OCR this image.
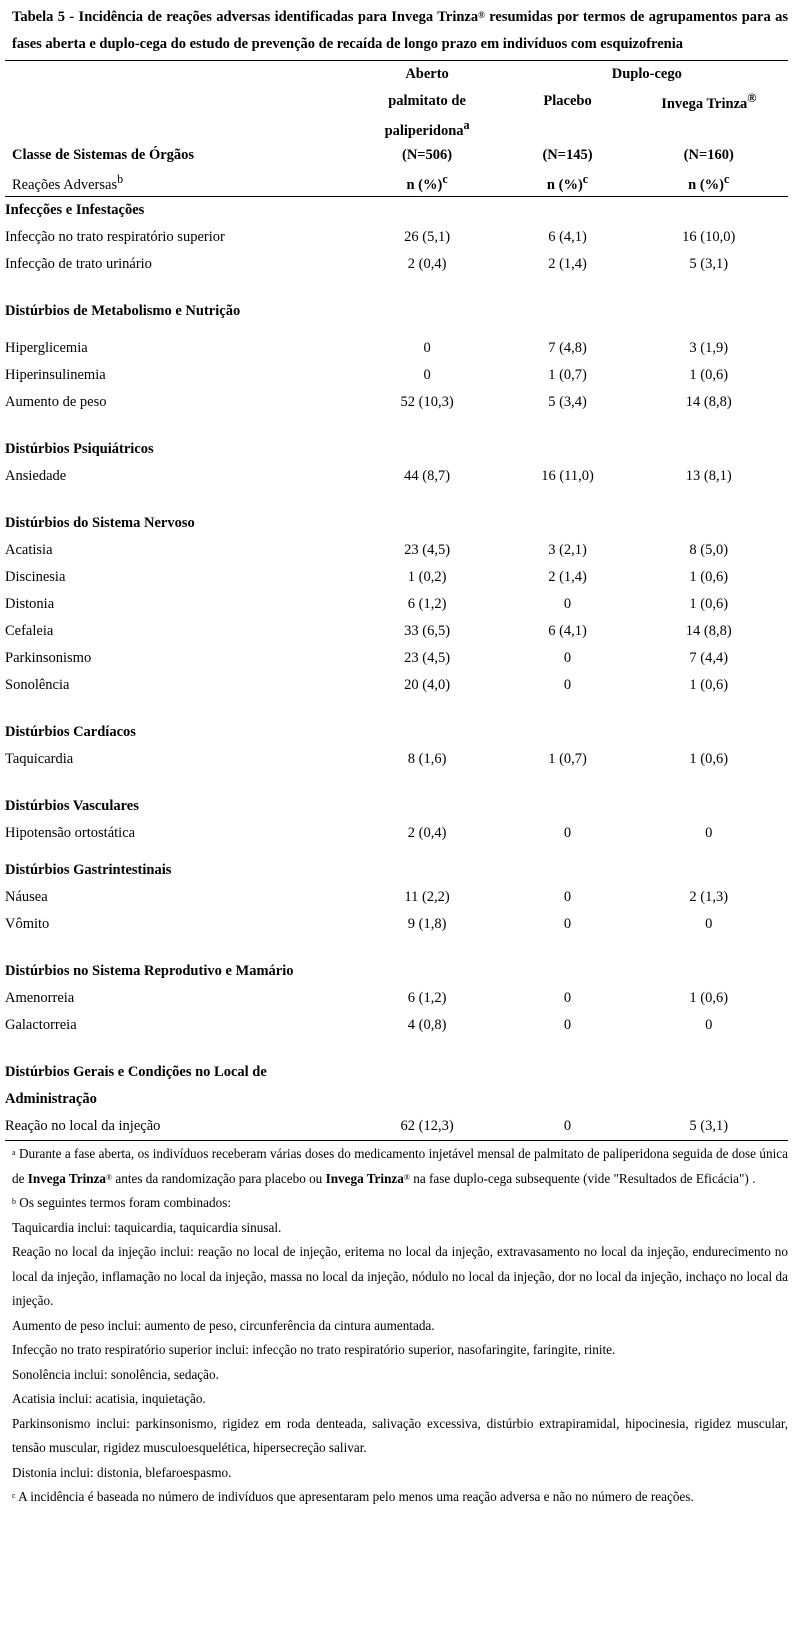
Tabela 5 - Incidência de reações adversas identificadas para Invega Trinza® resumidas por termos de agrupamentos para as fases aberta e duplo-cega do estudo de prevenção de recaída de longo prazo em indivíduos com esquizofrenia

	Aberto	Duplo-cego	
	palmitato de	Placebo	Invega Trinza®
	paliperidona$^a$		
Classe de Sistemas de Órgãos	(N=506)	(N=145)	(N=160)
Reações Adversas$^b$	n (%)$^c$	n (%)$^c$	n (%)$^c$
Infecções e Infestações			
Infecção no trato respiratório superior	26 (5,1)	6 (4,1)	16 (10,0)
Infecção de trato urinário	2 (0,4)	2 (1,4)	5 (3,1)

Distúrbios de Metabolismo e Nutrição			

Hiperglicemia	0	7 (4,8)	3 (1,9)
Hiperinsulinemia	0	1 (0,7)	1 (0,6)
Aumento de peso	52 (10,3)	5 (3,4)	14 (8,8)

Distúrbios Psiquiátricos			
Ansiedade	44 (8,7)	16 (11,0)	13 (8,1)

Distúrbios do Sistema Nervoso			
Acatisia	23 (4,5)	3 (2,1)	8 (5,0)
Discinesia	1 (0,2)	2 (1,4)	1 (0,6)
Distonia	6 (1,2)	0	1 (0,6)
Cefaleia	33 (6,5)	6 (4,1)	14 (8,8)
Parkinsonismo	23 (4,5)	0	7 (4,4)
Sonolência	20 (4,0)	0	1 (0,6)

Distúrbios Cardíacos			
Taquicardia	8 (1,6)	1 (0,7)	1 (0,6)

Distúrbios Vasculares			
Hipotensão ortostática	2 (0,4)	0	0

Distúrbios Gastrintestinais			
Náusea	11 (2,2)	0	2 (1,3)
Vômito	9 (1,8)	0	0

Distúrbios no Sistema Reprodutivo e Mamário			
Amenorreia	6 (1,2)	0	1 (0,6)
Galactorreia	4 (0,8)	0	0

Distúrbios Gerais e Condições no Local de			
Administração			
Reação no local da injeção	62 (12,3)	0	5 (3,1)

$^a$ Durante a fase aberta, os indivíduos receberam várias doses do medicamento injetável mensal de palmitato de paliperidona seguida de dose única de Invega Trinza® antes da randomização para placebo ou Invega Trinza® na fase duplo-cega subsequente (vide "Resultados de Eficácia") .

$^b$ Os seguintes termos foram combinados:

Taquicardia inclui: taquicardia, taquicardia sinusal.

Reação no local da injeção inclui: reação no local de injeção, eritema no local da injeção, extravasamento no local da injeção, endurecimento no local da injeção, inflamação no local da injeção, massa no local da injeção, nódulo no local da injeção, dor no local da injeção, inchaço no local da injeção.

Aumento de peso inclui: aumento de peso, circunferência da cintura aumentada.

Infecção no trato respiratório superior inclui: infecção no trato respiratório superior, nasofaringite, faringite, rinite.

Sonolência inclui: sonolência, sedação.

Acatisia inclui: acatisia, inquietação.

Parkinsonismo inclui: parkinsonismo, rigidez em roda denteada, salivação excessiva, distúrbio extrapiramidal, hipocinesia, rigidez muscular, tensão muscular, rigidez musculoesquelética, hipersecreção salivar.

Distonia inclui: distonia, blefaroespasmo.

$^c$ A incidência é baseada no número de indivíduos que apresentaram pelo menos uma reação adversa e não no número de reações.
